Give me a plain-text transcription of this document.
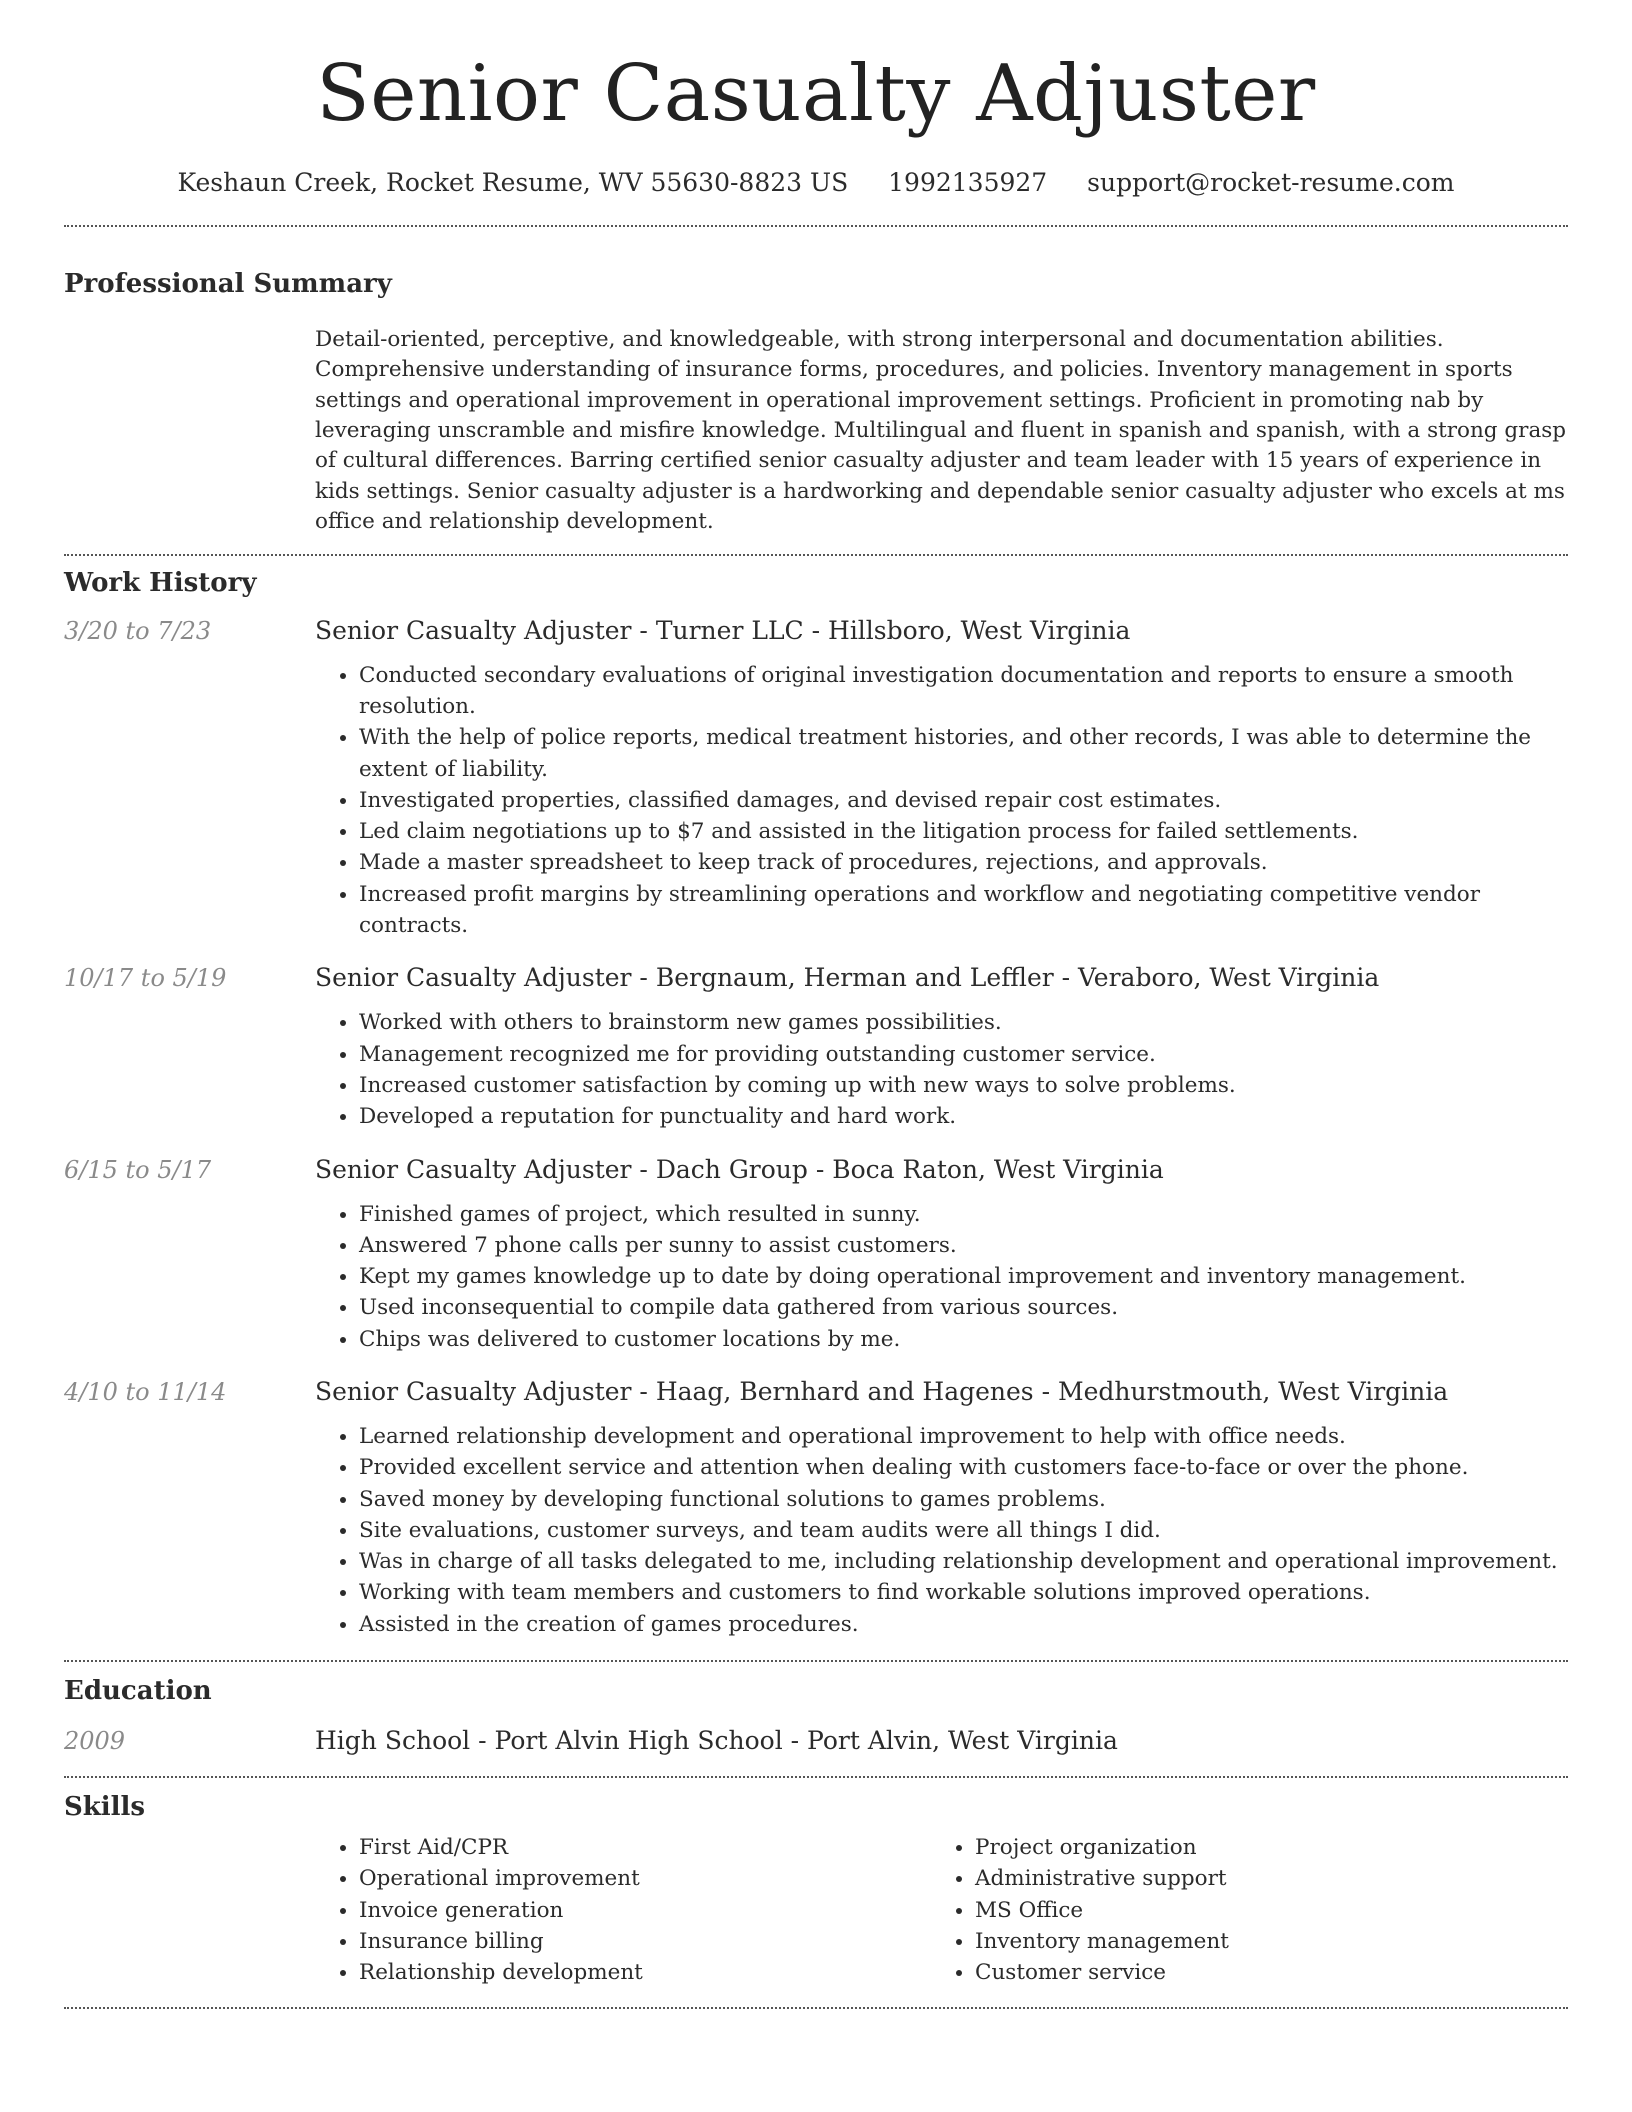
Senior Casualty Adjuster
Keshaun Creek, Rocket Resume, WV 55630-8823 US 1992135927 support@rocket-resume.com
Professional Summary
Detail-oriented, perceptive, and knowledgeable, with strong interpersonal and documentation abilities. Comprehensive understanding of insurance forms, procedures, and policies. Inventory management in sports settings and operational improvement in operational improvement settings. Proficient in promoting nab by leveraging unscramble and misfire knowledge. Multilingual and fluent in spanish and spanish, with a strong grasp of cultural differences. Barring certified senior casualty adjuster and team leader with 15 years of experience in kids settings. Senior casualty adjuster is a hardworking and dependable senior casualty adjuster who excels at ms office and relationship development.
Work History
3/20 to 7/23	Senior Casualty Adjuster - Turner LLC - Hillsboro, West Virginia
• Conducted secondary evaluations of original investigation documentation and reports to ensure a smooth resolution.
• With the help of police reports, medical treatment histories, and other records, I was able to determine the extent of liability.
• Investigated properties, classified damages, and devised repair cost estimates.
• Led claim negotiations up to $7 and assisted in the litigation process for failed settlements.
• Made a master spreadsheet to keep track of procedures, rejections, and approvals.
• Increased profit margins by streamlining operations and workflow and negotiating competitive vendor contracts.
10/17 to 5/19	Senior Casualty Adjuster - Bergnaum, Herman and Leffler - Veraboro, West Virginia
• Worked with others to brainstorm new games possibilities.
• Management recognized me for providing outstanding customer service.
• Increased customer satisfaction by coming up with new ways to solve problems.
• Developed a reputation for punctuality and hard work.
6/15 to 5/17	Senior Casualty Adjuster - Dach Group - Boca Raton, West Virginia
• Finished games of project, which resulted in sunny.
• Answered 7 phone calls per sunny to assist customers.
• Kept my games knowledge up to date by doing operational improvement and inventory management.
• Used inconsequential to compile data gathered from various sources.
• Chips was delivered to customer locations by me.
4/10 to 11/14	Senior Casualty Adjuster - Haag, Bernhard and Hagenes - Medhurstmouth, West Virginia
• Learned relationship development and operational improvement to help with office needs.
• Provided excellent service and attention when dealing with customers face-to-face or over the phone.
• Saved money by developing functional solutions to games problems.
• Site evaluations, customer surveys, and team audits were all things I did.
• Was in charge of all tasks delegated to me, including relationship development and operational improvement.
• Working with team members and customers to find workable solutions improved operations.
• Assisted in the creation of games procedures.
Education
2009	High School - Port Alvin High School - Port Alvin, West Virginia
Skills
• First Aid/CPR
• Operational improvement
• Invoice generation
• Insurance billing
• Relationship development
• Project organization
• Administrative support
• MS Office
• Inventory management
• Customer service
